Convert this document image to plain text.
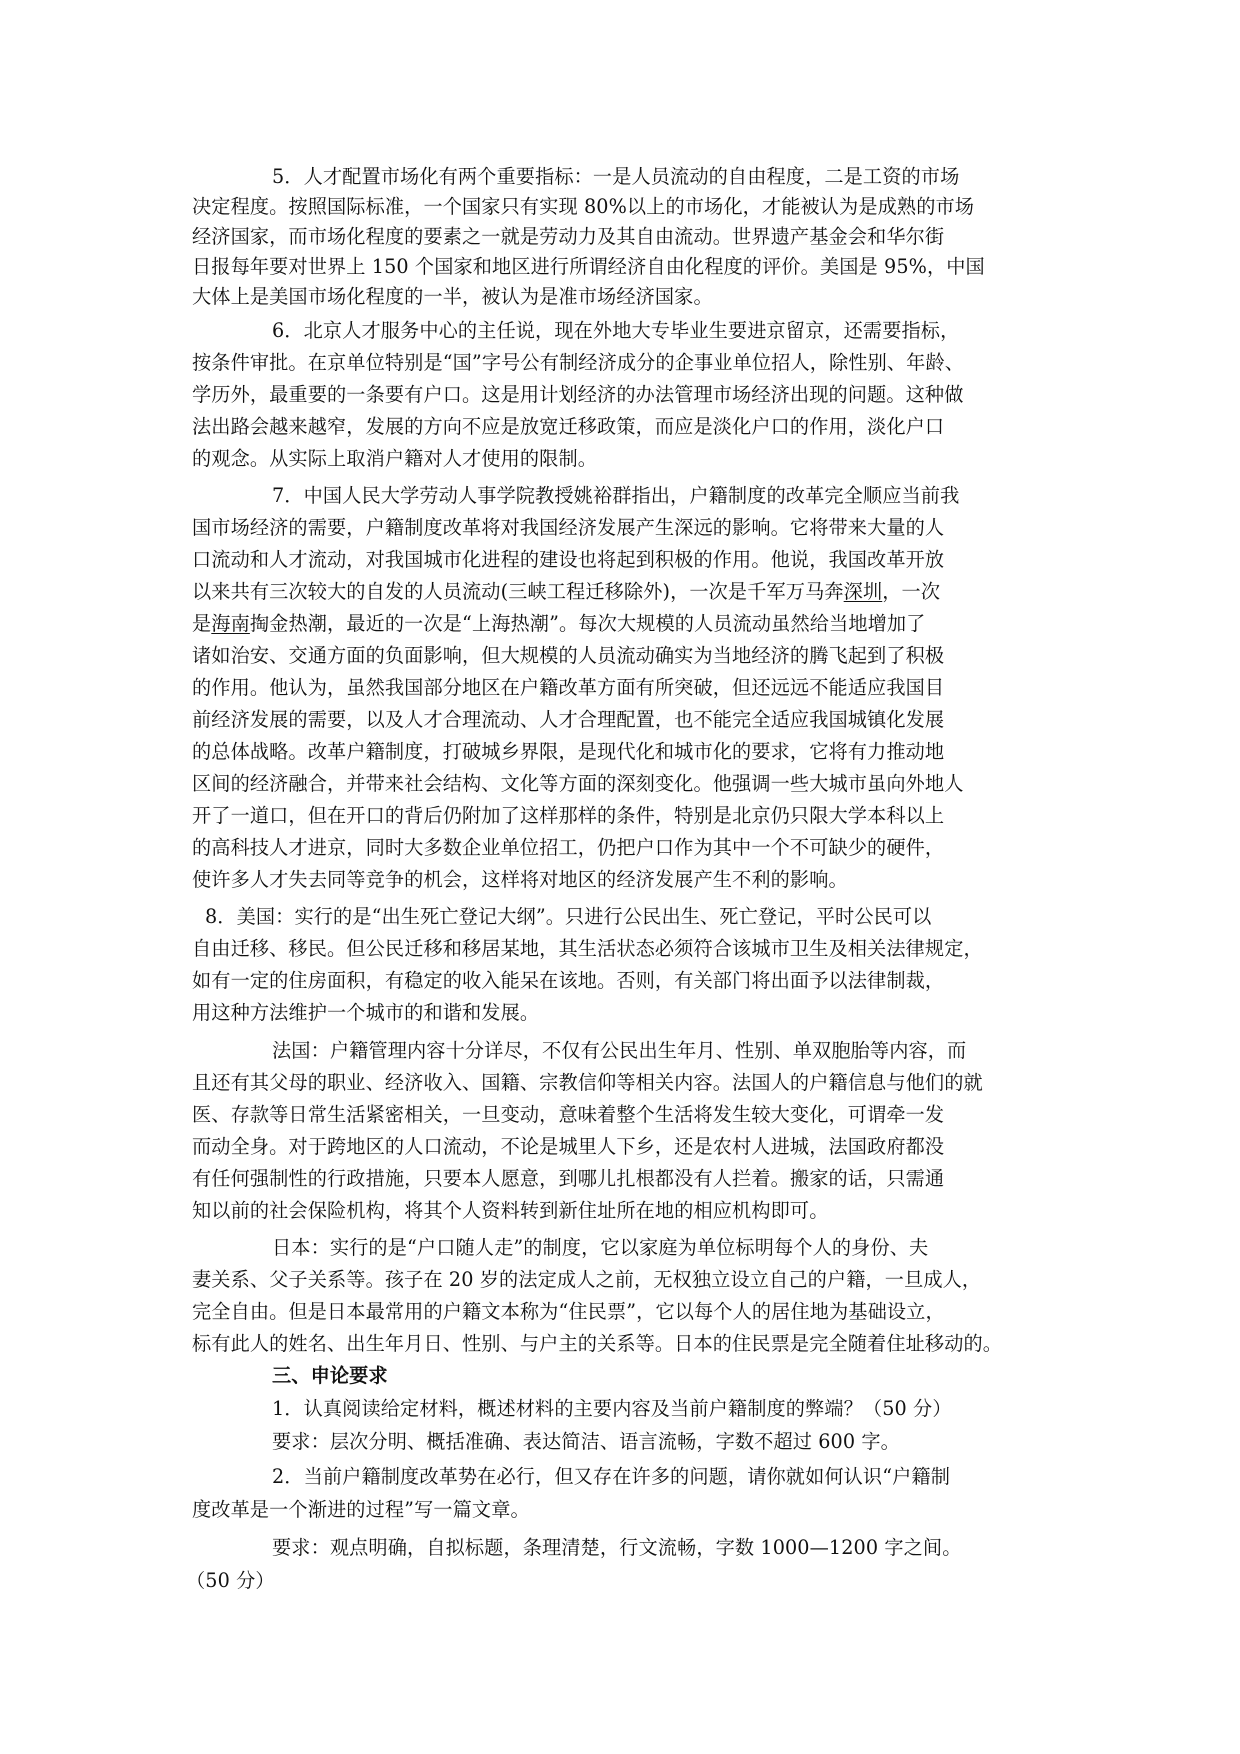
5．人才配置市场化有两个重要指标：一是人员流动的自由程度，二是工资的市场
决定程度。按照国际标准，一个国家只有实现 80%以上的市场化，才能被认为是成熟的市场
经济国家，而市场化程度的要素之一就是劳动力及其自由流动。世界遗产基金会和华尔街
日报每年要对世界上 150 个国家和地区进行所谓经济自由化程度的评价。美国是 95%，中国
大体上是美国市场化程度的一半，被认为是准市场经济国家。
6．北京人才服务中心的主任说，现在外地大专毕业生要进京留京，还需要指标，
按条件审批。在京单位特别是“国”字号公有制经济成分的企事业单位招人，除性别、年龄、
学历外，最重要的一条要有户口。这是用计划经济的办法管理市场经济出现的问题。这种做
法出路会越来越窄，发展的方向不应是放宽迁移政策，而应是淡化户口的作用，淡化户口
的观念。从实际上取消户籍对人才使用的限制。
7．中国人民大学劳动人事学院教授姚裕群指出，户籍制度的改革完全顺应当前我
国市场经济的需要，户籍制度改革将对我国经济发展产生深远的影响。它将带来大量的人
口流动和人才流动，对我国城市化进程的建设也将起到积极的作用。他说，我国改革开放
以来共有三次较大的自发的人员流动(三峡工程迁移除外)，一次是千军万马奔深圳，一次
是海南掏金热潮，最近的一次是“上海热潮”。每次大规模的人员流动虽然给当地增加了
诸如治安、交通方面的负面影响，但大规模的人员流动确实为当地经济的腾飞起到了积极
的作用。他认为，虽然我国部分地区在户籍改革方面有所突破，但还远远不能适应我国目
前经济发展的需要，以及人才合理流动、人才合理配置，也不能完全适应我国城镇化发展
的总体战略。改革户籍制度，打破城乡界限，是现代化和城市化的要求，它将有力推动地
区间的经济融合，并带来社会结构、文化等方面的深刻变化。他强调一些大城市虽向外地人
开了一道口，但在开口的背后仍附加了这样那样的条件，特别是北京仍只限大学本科以上
的高科技人才进京，同时大多数企业单位招工，仍把户口作为其中一个不可缺少的硬件，
使许多人才失去同等竞争的机会，这样将对地区的经济发展产生不利的影响。
8．美国：实行的是“出生死亡登记大纲”。只进行公民出生、死亡登记，平时公民可以
自由迁移、移民。但公民迁移和移居某地，其生活状态必须符合该城市卫生及相关法律规定，
如有一定的住房面积，有稳定的收入能呆在该地。否则，有关部门将出面予以法律制裁，
用这种方法维护一个城市的和谐和发展。
法国：户籍管理内容十分详尽，不仅有公民出生年月、性别、单双胞胎等内容，而
且还有其父母的职业、经济收入、国籍、宗教信仰等相关内容。法国人的户籍信息与他们的就
医、存款等日常生活紧密相关，一旦变动，意味着整个生活将发生较大变化，可谓牵一发
而动全身。对于跨地区的人口流动，不论是城里人下乡，还是农村人进城，法国政府都没
有任何强制性的行政措施，只要本人愿意，到哪儿扎根都没有人拦着。搬家的话，只需通
知以前的社会保险机构，将其个人资料转到新住址所在地的相应机构即可。
日本：实行的是“户口随人走”的制度，它以家庭为单位标明每个人的身份、夫
妻关系、父子关系等。孩子在 20 岁的法定成人之前，无权独立设立自己的户籍，一旦成人，
完全自由。但是日本最常用的户籍文本称为“住民票”，它以每个人的居住地为基础设立，
标有此人的姓名、出生年月日、性别、与户主的关系等。日本的住民票是完全随着住址移动的。
三、申论要求
1．认真阅读给定材料，概述材料的主要内容及当前户籍制度的弊端？（50 分）
要求：层次分明、概括准确、表达简洁、语言流畅，字数不超过 600 字。
2．当前户籍制度改革势在必行，但又存在许多的问题，请你就如何认识“户籍制
度改革是一个渐进的过程”写一篇文章。
要求：观点明确，自拟标题，条理清楚，行文流畅，字数 1000—1200 字之间。
（50 分）
